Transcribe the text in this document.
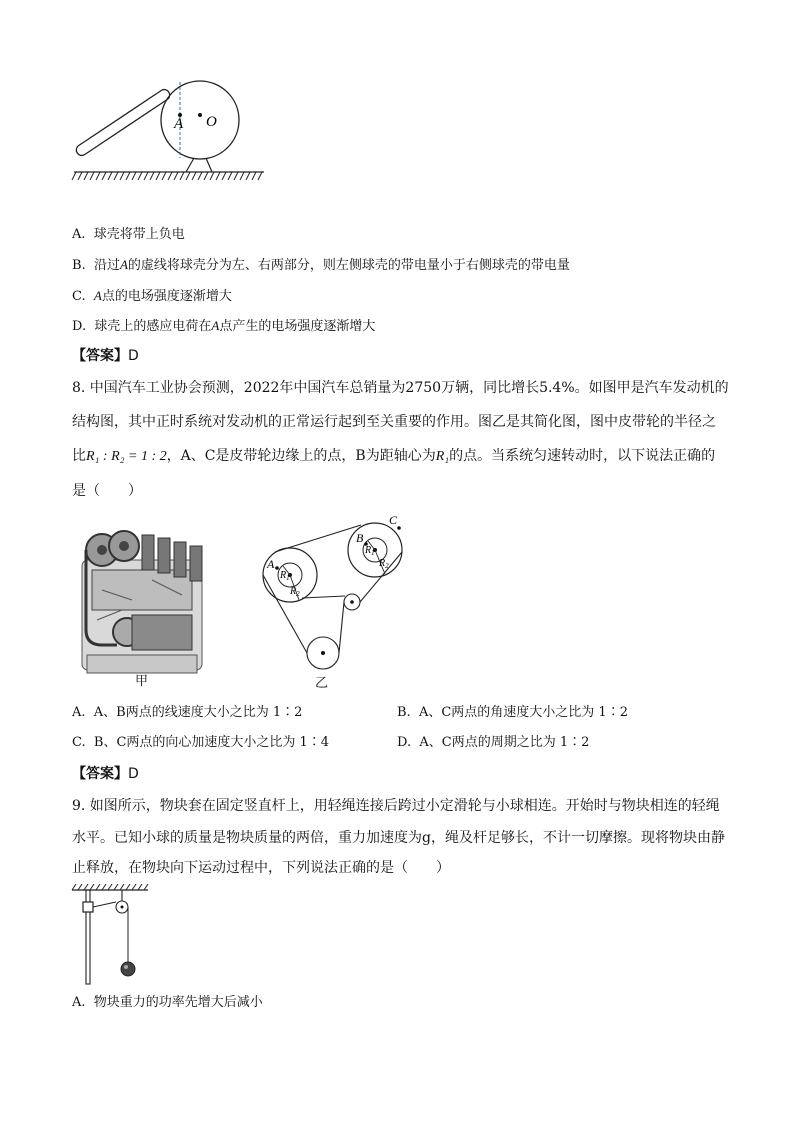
A O
A. 球壳将带上负电
B. 沿过A的虚线将球壳分为左、右两部分，则左侧球壳的带电量小于右侧球壳的带电量
C. A点的电场强度逐渐增大
D. 球壳上的感应电荷在A点产生的电场强度逐渐增大
【答案】D
8. 中国汽车工业协会预测，2022年中国汽车总销量为2750万辆，同比增长5.4%。如图甲是汽车发动机的
结构图，其中正时系统对发动机的正常运行起到至关重要的作用。图乙是其简化图，图中皮带轮的半径之
比R₁ : R₂ = 1 : 2，A、C是皮带轮边缘上的点，B为距轴心为R₁的点。当系统匀速转动时，以下说法正确的
是（　　）
甲
A
B
C
$R_1$
$R_2$
$R_1$
$R_2$
乙
A. A、B两点的线速度大小之比为 1∶2	B. A、C两点的角速度大小之比为 1∶2
C. B、C两点的向心加速度大小之比为 1∶4	D. A、C两点的周期之比为 1∶2
【答案】D
9. 如图所示，物块套在固定竖直杆上，用轻绳连接后跨过小定滑轮与小球相连。开始时与物块相连的轻绳
水平。已知小球的质量是物块质量的两倍，重力加速度为g，绳及杆足够长，不计一切摩擦。现将物块由静
止释放，在物块向下运动过程中，下列说法正确的是（　　）
A. 物块重力的功率先增大后减小
